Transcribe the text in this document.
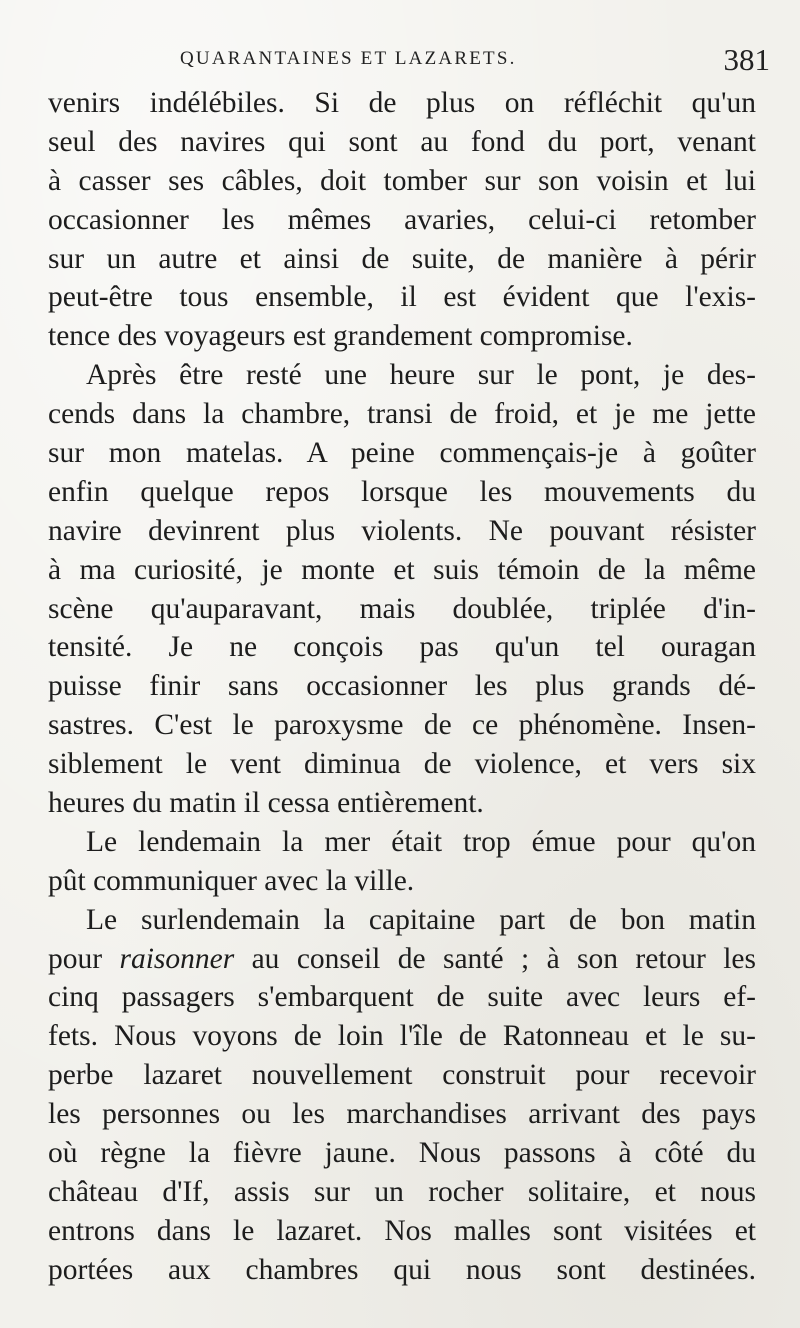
QUARANTAINES ET LAZARETS.	381
venirs indélébiles. Si de plus on réfléchit qu'un
seul des navires qui sont au fond du port, venant
à casser ses câbles, doit tomber sur son voisin et lui
occasionner les mêmes avaries, celui-ci retomber
sur un autre et ainsi de suite, de manière à périr
peut-être tous ensemble, il est évident que l'exis-
tence des voyageurs est grandement compromise.
Après être resté une heure sur le pont, je des-
cends dans la chambre, transi de froid, et je me jette
sur mon matelas. A peine commençais-je à goûter
enfin quelque repos lorsque les mouvements du
navire devinrent plus violents. Ne pouvant résister
à ma curiosité, je monte et suis témoin de la même
scène qu'auparavant, mais doublée, triplée d'in-
tensité. Je ne conçois pas qu'un tel ouragan
puisse finir sans occasionner les plus grands dé-
sastres. C'est le paroxysme de ce phénomène. Insen-
siblement le vent diminua de violence, et vers six
heures du matin il cessa entièrement.
Le lendemain la mer était trop émue pour qu'on
pût communiquer avec la ville.
Le surlendemain la capitaine part de bon matin
pour raisonner au conseil de santé ; à son retour les
cinq passagers s'embarquent de suite avec leurs ef-
fets. Nous voyons de loin l'île de Ratonneau et le su-
perbe lazaret nouvellement construit pour recevoir
les personnes ou les marchandises arrivant des pays
où règne la fièvre jaune. Nous passons à côté du
château d'If, assis sur un rocher solitaire, et nous
entrons dans le lazaret. Nos malles sont visitées et
portées aux chambres qui nous sont destinées.
